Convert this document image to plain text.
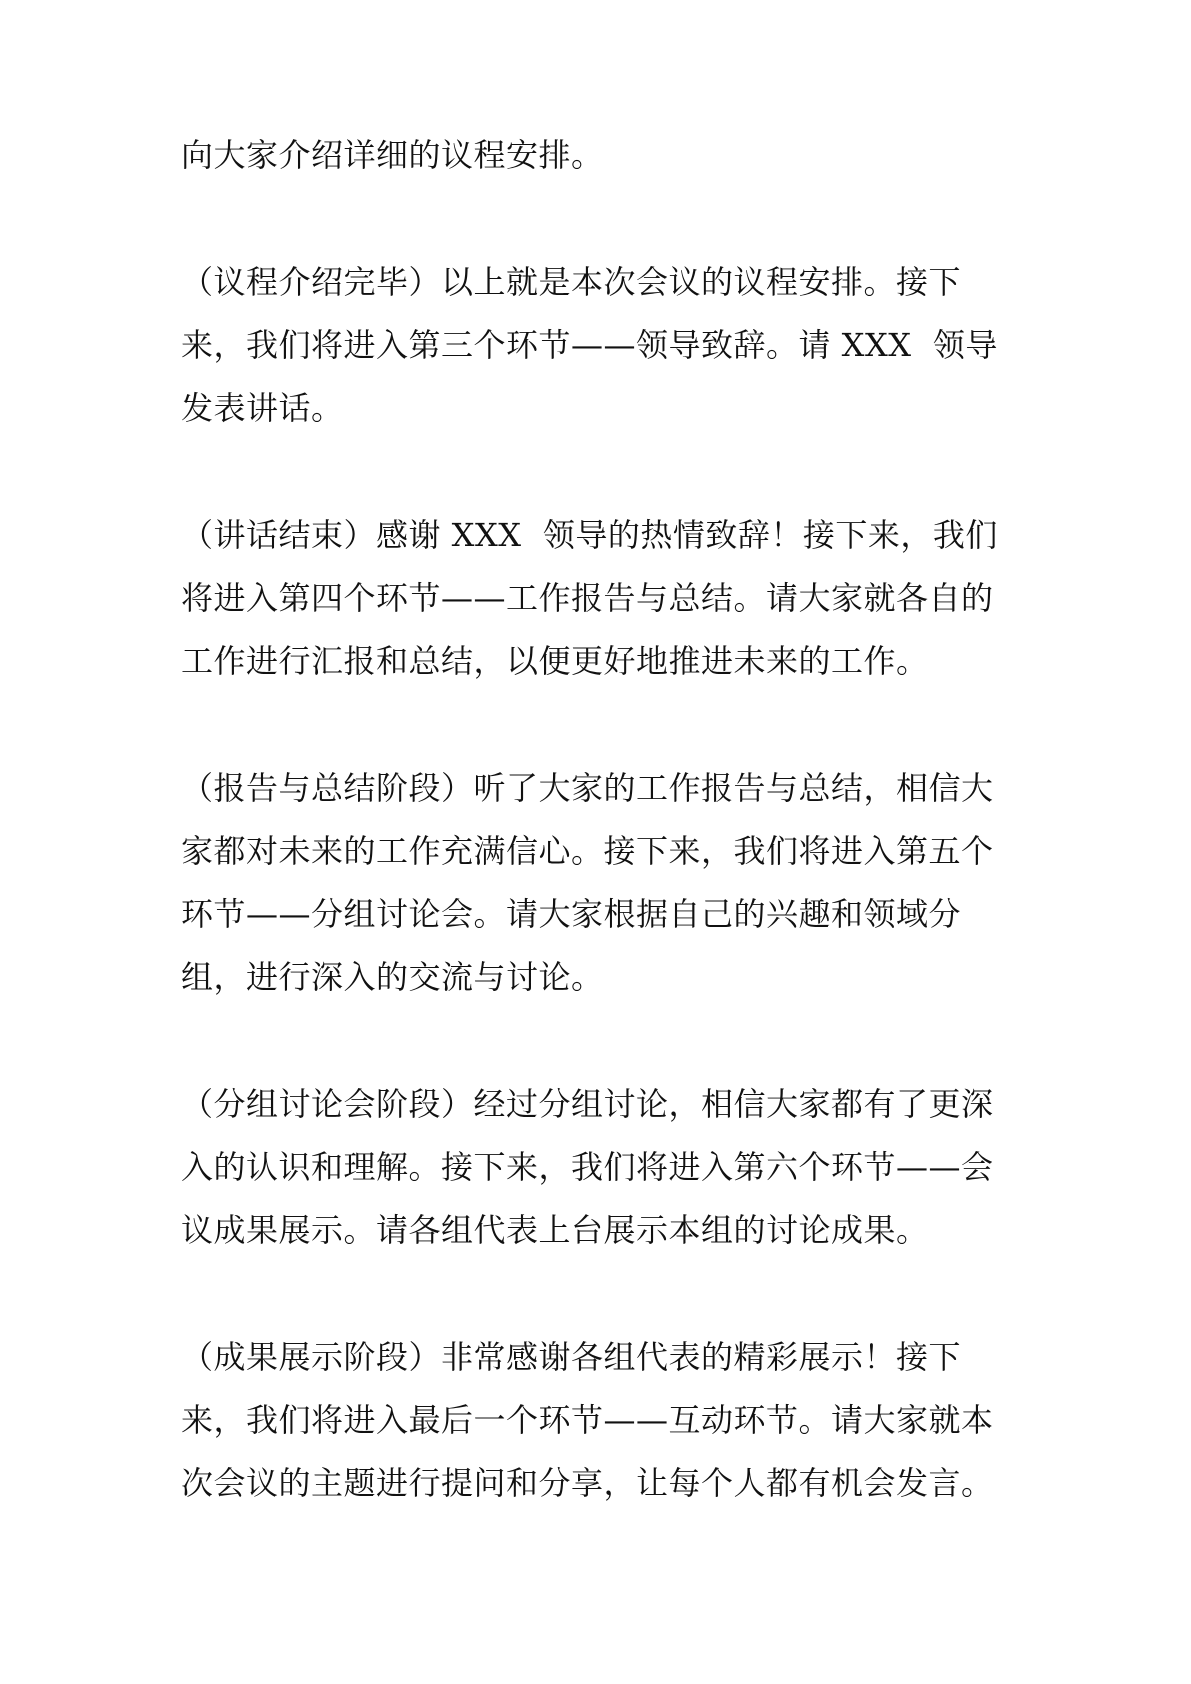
向大家介绍详细的议程安排。

（议程介绍完毕）以上就是本次会议的议程安排。接下来，我们将进入第三个环节——领导致辞。请 XXX  领导发表讲话。

（讲话结束）感谢 XXX  领导的热情致辞！接下来，我们将进入第四个环节——工作报告与总结。请大家就各自的工作进行汇报和总结，以便更好地推进未来的工作。

（报告与总结阶段）听了大家的工作报告与总结，相信大家都对未来的工作充满信心。接下来，我们将进入第五个环节——分组讨论会。请大家根据自己的兴趣和领域分组，进行深入的交流与讨论。

（分组讨论会阶段）经过分组讨论，相信大家都有了更深入的认识和理解。接下来，我们将进入第六个环节——会议成果展示。请各组代表上台展示本组的讨论成果。

（成果展示阶段）非常感谢各组代表的精彩展示！接下来，我们将进入最后一个环节——互动环节。请大家就本次会议的主题进行提问和分享，让每个人都有机会发言。
